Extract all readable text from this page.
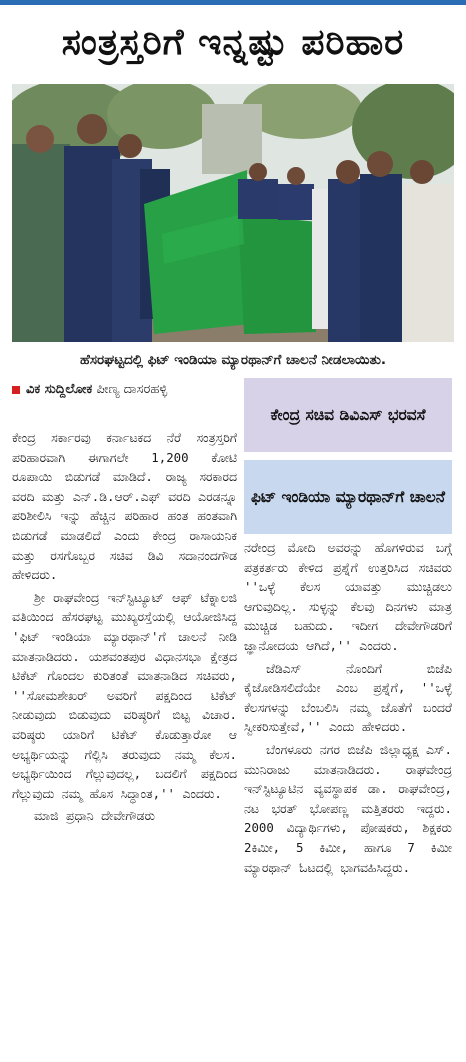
ಸಂತ್ರಸ್ತರಿಗೆ ಇನ್ನಷ್ಟು ಪರಿಹಾರ
ಹೆಸರಘಟ್ಟದಲ್ಲಿ ಫಿಟ್ ಇಂಡಿಯಾ ಮ್ಯಾರಥಾನ್‌ಗೆ ಚಾಲನೆ ನೀಡಲಾಯಿತು.
ವಿಕ ಸುದ್ದಿಲೋಕ ಪೀಣ್ಯ ದಾಸರಹಳ್ಳಿ
ಕೇಂದ್ರ ಸಚಿವ ಡಿವಿಎಸ್ ಭರವಸೆ
ಫಿಟ್ ಇಂಡಿಯಾ ಮ್ಯಾರಥಾನ್‌ಗೆ ಚಾಲನೆ

ಕೇಂದ್ರ ಸರ್ಕಾರವು ಕರ್ನಾಟಕದ ನೆರೆ ಸಂತ್ರಸ್ತರಿಗೆ ಪರಿಹಾರವಾಗಿ ಈಗಾಗಲೇ 1,200 ಕೋಟಿ ರೂಪಾಯಿ ಬಿಡುಗಡೆ ಮಾಡಿದೆ. ರಾಜ್ಯ ಸರಕಾರದ ವರದಿ ಮತ್ತು ಎನ್.ಡಿ.ಆರ್.ಎಫ್ ವರದಿ ಎರಡನ್ನೂ ಪರಿಶೀಲಿಸಿ ಇನ್ನು ಹೆಚ್ಚಿನ ಪರಿಹಾರ ಹಂತ ಹಂತವಾಗಿ ಬಿಡುಗಡೆ ಮಾಡಲಿದೆ ಎಂದು ಕೇಂದ್ರ ರಾಸಾಯನಿಕ ಮತ್ತು ರಸಗೊಬ್ಬರ ಸಚಿವ ಡಿವಿ ಸದಾನಂದಗೌಡ ಹೇಳಿದರು.

ಶ್ರೀ ರಾಘವೇಂದ್ರ ಇನ್‌ಸ್ಟಿಟ್ಯೂಟ್ ಆಫ್ ಟೆಕ್ನಾಲಜಿ ವತಿಯಿಂದ ಹೆಸರಘಟ್ಟ ಮುಖ್ಯರಸ್ತೆಯಲ್ಲಿ ಆಯೋಜಿಸಿದ್ದ 'ಫಿಟ್ ಇಂಡಿಯಾ ಮ್ಯಾರಥಾನ್'ಗೆ ಚಾಲನೆ ನೀಡಿ ಮಾತನಾಡಿದರು. ಯಶವಂತಪುರ ವಿಧಾನಸಭಾ ಕ್ಷೇತ್ರದ ಟಿಕೆಟ್ ಗೊಂದಲ ಕುರಿತಂತೆ ಮಾತನಾಡಿದ ಸಚಿವರು, ''ಸೋಮಶೇಖರ್ ಅವರಿಗೆ ಪಕ್ಷದಿಂದ ಟಿಕೆಟ್ ನೀಡುವುದು ಬಿಡುವುದು ವರಿಷ್ಠರಿಗೆ ಬಿಟ್ಟ ವಿಚಾರ. ವರಿಷ್ಠರು ಯಾರಿಗೆ ಟಿಕೆಟ್ ಕೊಡುತ್ತಾರೋ ಆ ಅಭ್ಯರ್ಥಿಯನ್ನು ಗೆಲ್ಲಿಸಿ ತರುವುದು ನಮ್ಮ ಕೆಲಸ. ಅಭ್ಯರ್ಥಿಯಿಂದ ಗೆಲ್ಲುವುದಲ್ಲ, ಬದಲಿಗೆ ಪಕ್ಷದಿಂದ ಗೆಲ್ಲುವುದು ನಮ್ಮ ಹೊಸ ಸಿದ್ಧಾಂತ,'' ಎಂದರು.

ಮಾಜಿ ಪ್ರಧಾನಿ ದೇವೇಗೌಡರು

ನರೇಂದ್ರ ಮೋದಿ ಅವರನ್ನು ಹೊಗಳಿರುವ ಬಗ್ಗೆ ಪತ್ರಕರ್ತರು ಕೇಳಿದ ಪ್ರಶ್ನೆಗೆ ಉತ್ತರಿಸಿದ ಸಚಿವರು ''ಒಳ್ಳೆ ಕೆಲಸ ಯಾವತ್ತು ಮುಚ್ಚಿಡಲು ಆಗುವುದಿಲ್ಲ. ಸುಳ್ಳನ್ನು ಕೆಲವು ದಿನಗಳು ಮಾತ್ರ ಮುಚ್ಚಿಡ ಬಹುದು. ಇದೀಗ ದೇವೇಗೌಡರಿಗೆ ಜ್ಞಾನೋದಯ ಆಗಿದೆ,'' ಎಂದರು.

ಜೆಡಿಎಸ್ ನೊಂದಿಗೆ ಬಿಜೆಪಿ ಕೈಜೋಡಿಸಲಿದೆಯೇ ಎಂಬ ಪ್ರಶ್ನೆಗೆ, ''ಒಳ್ಳೆ ಕೆಲಸಗಳನ್ನು ಬೆಂಬಲಿಸಿ ನಮ್ಮ ಜೊತೆಗೆ ಬಂದರೆ ಸ್ವೀಕರಿಸುತ್ತೇವೆ,'' ಎಂದು ಹೇಳಿದರು.

ಬೆಂಗಳೂರು ನಗರ ಬಿಜೆಪಿ ಜಿಲ್ಲಾಧ್ಯಕ್ಷ ಎಸ್. ಮುನಿರಾಜು ಮಾತನಾಡಿದರು. ರಾಘವೇಂದ್ರ ಇನ್‌ಸ್ಟಿಟ್ಯೂಟಿನ ವ್ಯವಸ್ಥಾಪಕ ಡಾ. ರಾಘವೇಂದ್ರ, ನಟ ಭರತ್ ಭೋಪಣ್ಣ ಮತ್ತಿತರರು ಇದ್ದರು. 2000 ವಿದ್ಯಾರ್ಥಿಗಳು, ಪೋಷಕರು, ಶಿಕ್ಷಕರು 2ಕಿಮೀ, 5 ಕಿಮೀ, ಹಾಗೂ 7 ಕಿಮೀ ಮ್ಯಾರಥಾನ್ ಓಟದಲ್ಲಿ ಭಾಗವಹಿಸಿದ್ದರು.
